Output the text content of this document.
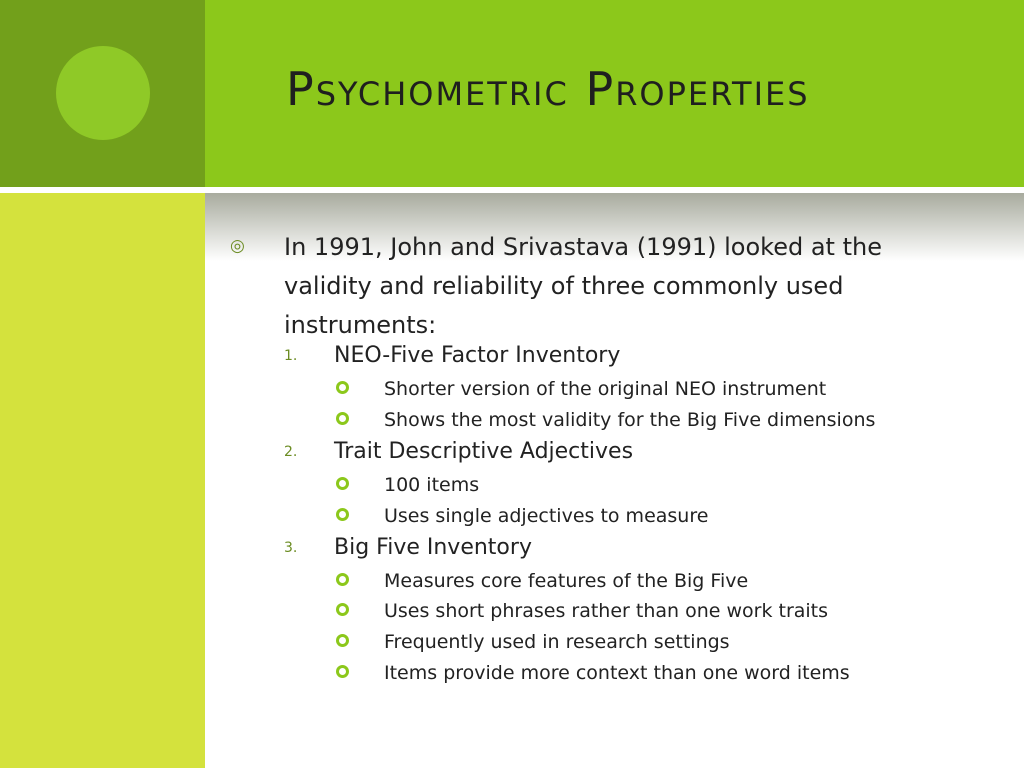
Psychometric Properties
◎ In 1991, John and Srivastava (1991) looked at the validity and reliability of three commonly used instruments:

1. NEO-Five Factor Inventory
Shorter version of the original NEO instrument
Shows the most validity for the Big Five dimensions
2. Trait Descriptive Adjectives
100 items
Uses single adjectives to measure
3. Big Five Inventory
Measures core features of the Big Five
Uses short phrases rather than one work traits
Frequently used in research settings
Items provide more context than one word items
